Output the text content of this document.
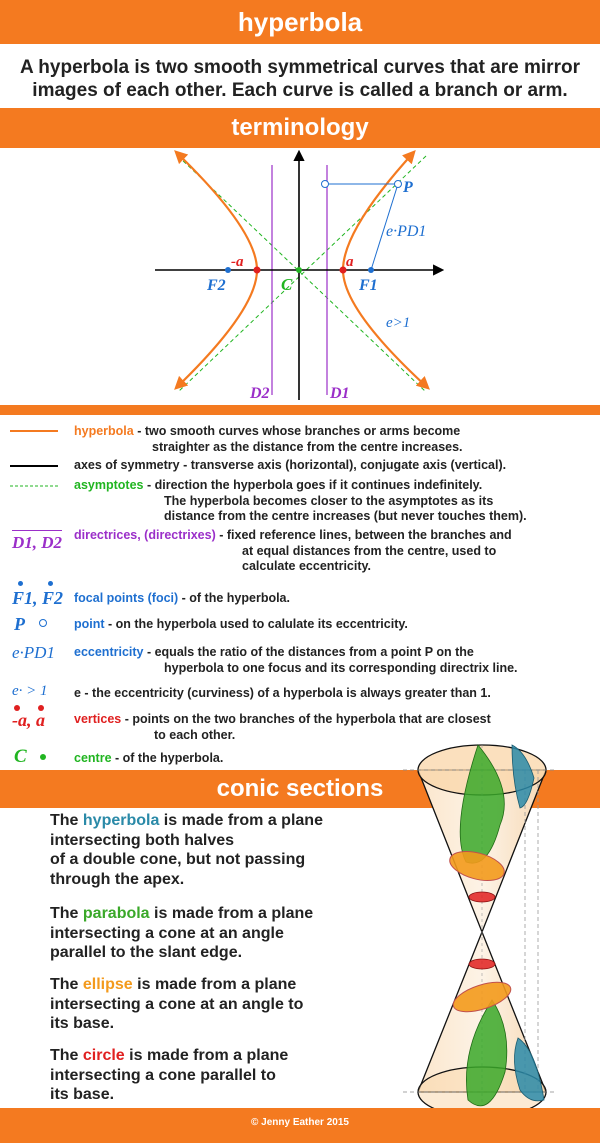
hyperbola
A hyperbola is two smooth symmetrical curves that are mirror
images of each other. Each curve is called a branch or arm.
terminology
-a	a
F2	F1
C
P
e·PD1
e>1
D2	D1
hyperbola - two smooth curves whose branches or arms become
straighter as the distance from the centre increases.
axes of symmetry - transverse axis (horizontal), conjugate axis (vertical).
asymptotes - direction the hyperbola goes if it continues indefinitely.
The hyperbola becomes closer to the asymptotes as its
distance from the centre increases (but never touches them).
D1, D2 directrices, (directrixes) - fixed reference lines, between the branches and
at equal distances from the centre, used to
calculate eccentricity.
F1, F2 focal points (foci) - of the hyperbola.
P	point - on the hyperbola used to calulate its eccentricity.
e·PD1 eccentricity - equals the ratio of the distances from a point P on the
hyperbola to one focus and its corresponding directrix line.
e· > 1 e - the eccentricity (curviness) of a hyperbola is always greater than 1.
-a, a vertices - points on the two branches of the hyperbola that are closest
to each other.
C	centre - of the hyperbola.
conic sections
The hyperbola is made from a plane
intersecting both halves
of a double cone, but not passing
through the apex.
The parabola is made from a plane
intersecting a cone at an angle
parallel to the slant edge.
The ellipse is made from a plane
intersecting a cone at an angle to
its base.
The circle is made from a plane
intersecting a cone parallel to
its base.
© Jenny Eather 2015
